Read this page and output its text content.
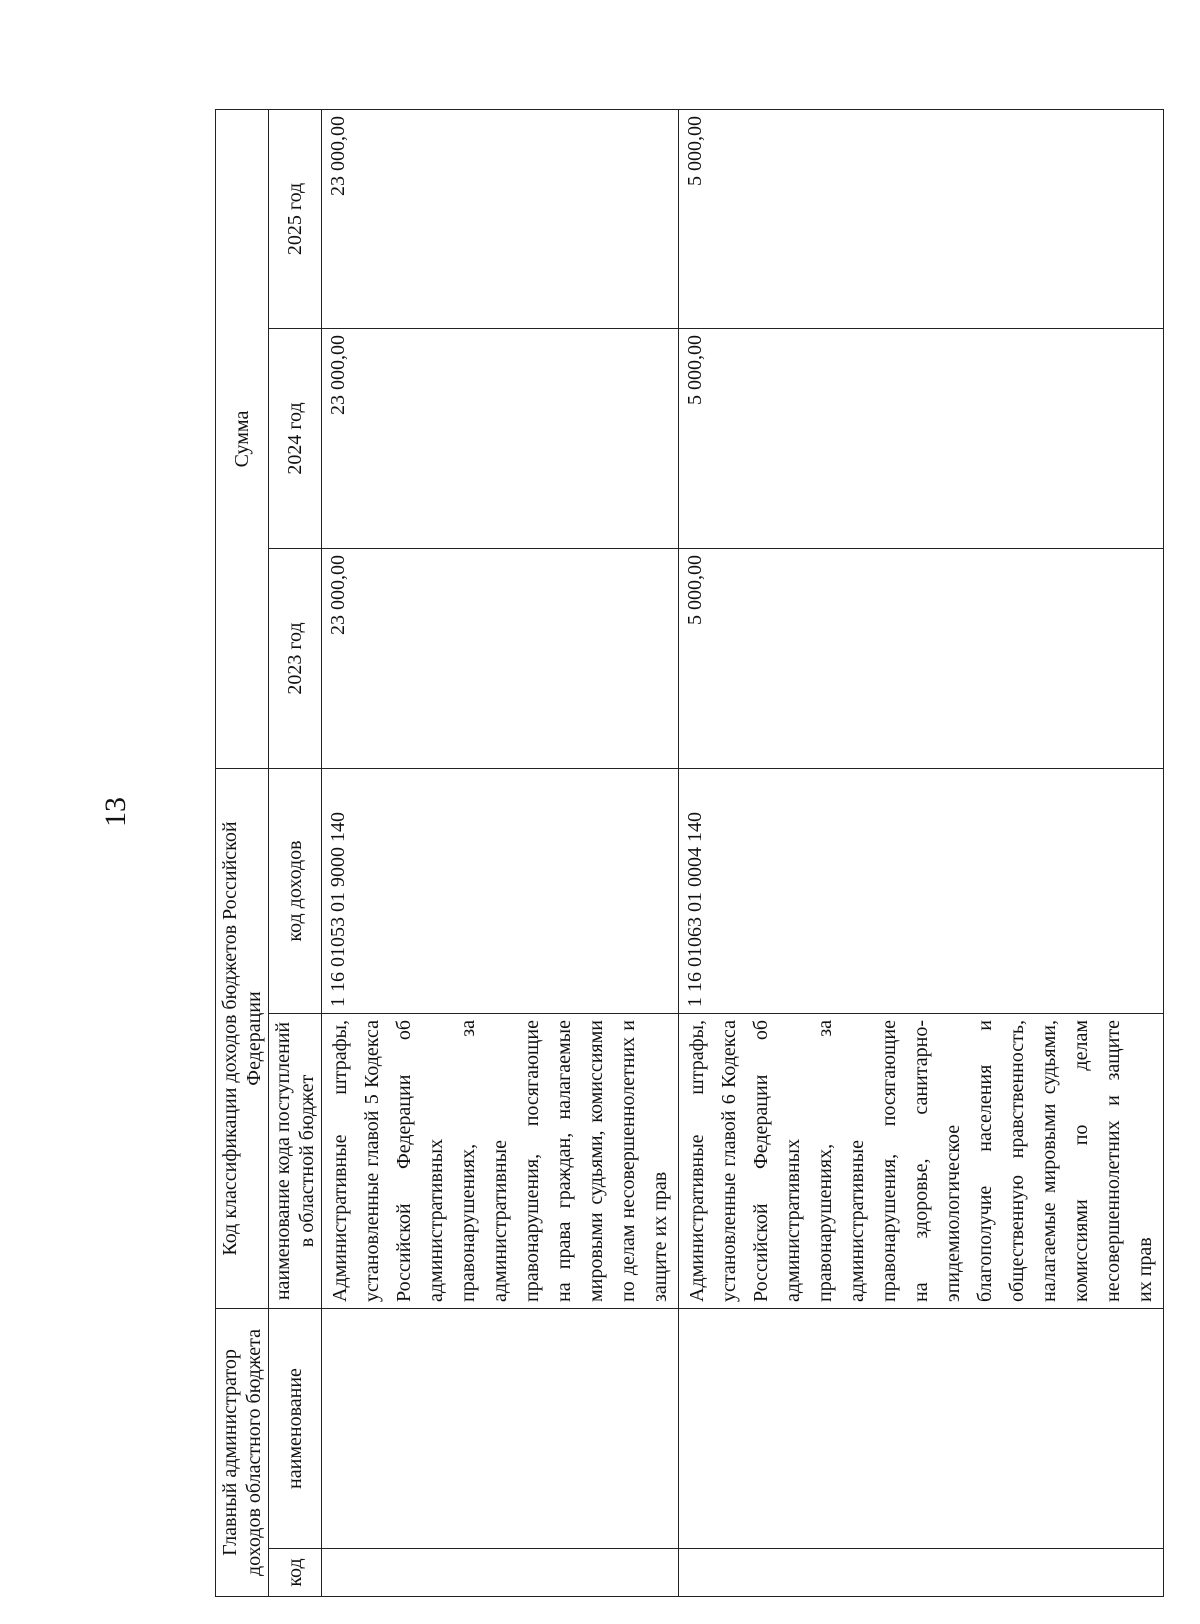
13
Главный администратор доходов областного бюджета		Код классификации доходов бюджетов Российской Федерации		Сумма		
код	наименование	наименование кода поступлений в областной бюджет	код доходов	2023 год	2024 год	2025 год
		Административные штрафы, установленные главой 5 Кодекса Российской Федерации об административных правонарушениях, за административные правонарушения, посягающие на права граждан, налагаемые мировыми судьями, комиссиями по делам несовершеннолетних и защите их прав	1 16 01053 01 9000 140	23 000,00	23 000,00	23 000,00
		Административные штрафы, установленные главой 6 Кодекса Российской Федерации об административных правонарушениях, за административные правонарушения, посягающие на здоровье, санитарно-эпидемиологическое благополучие населения и общественную нравственность, налагаемые мировыми судьями, комиссиями по делам несовершеннолетних и защите их прав	1 16 01063 01 0004 140	5 000,00	5 000,00	5 000,00
